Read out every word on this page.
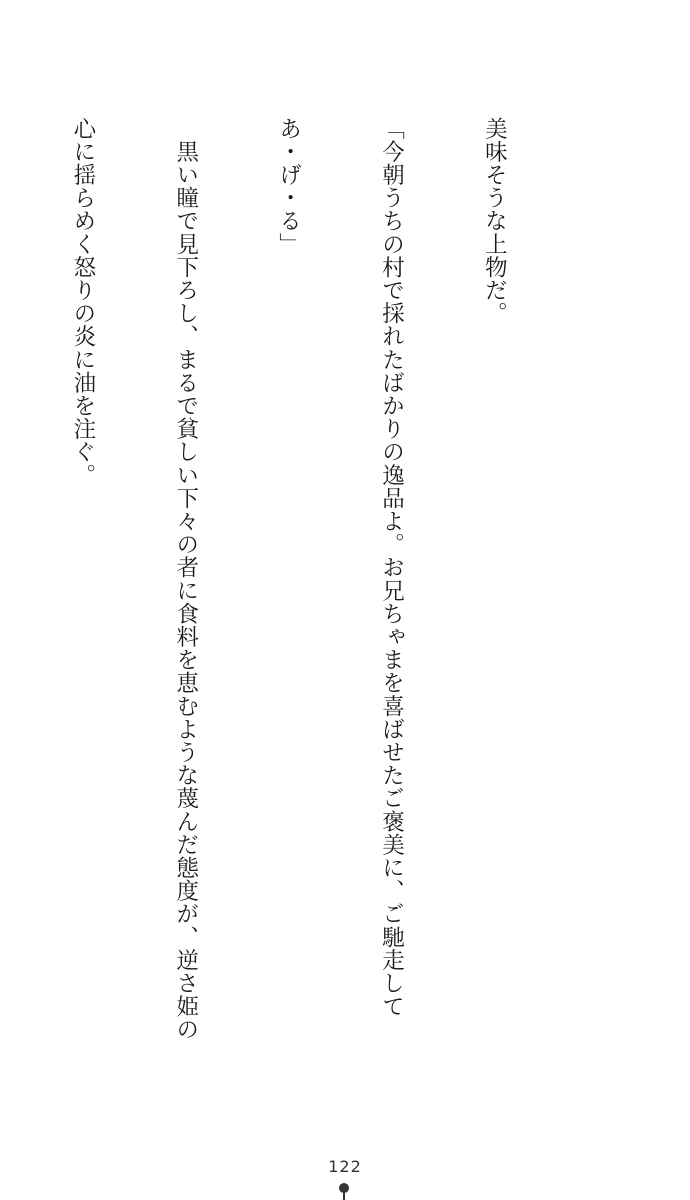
美味そうな上物だ。

「今朝うちの村で採れたばかりの逸品よ。お兄ちゃまを喜ばせたご褒美に、ご馳走して

あ・げ・る」

　黒い瞳で見下ろし、まるで貧しい下々の者に食料を恵むような蔑んだ態度が、逆さ姫の

心に揺らめく怒りの炎に油を注ぐ。

122
